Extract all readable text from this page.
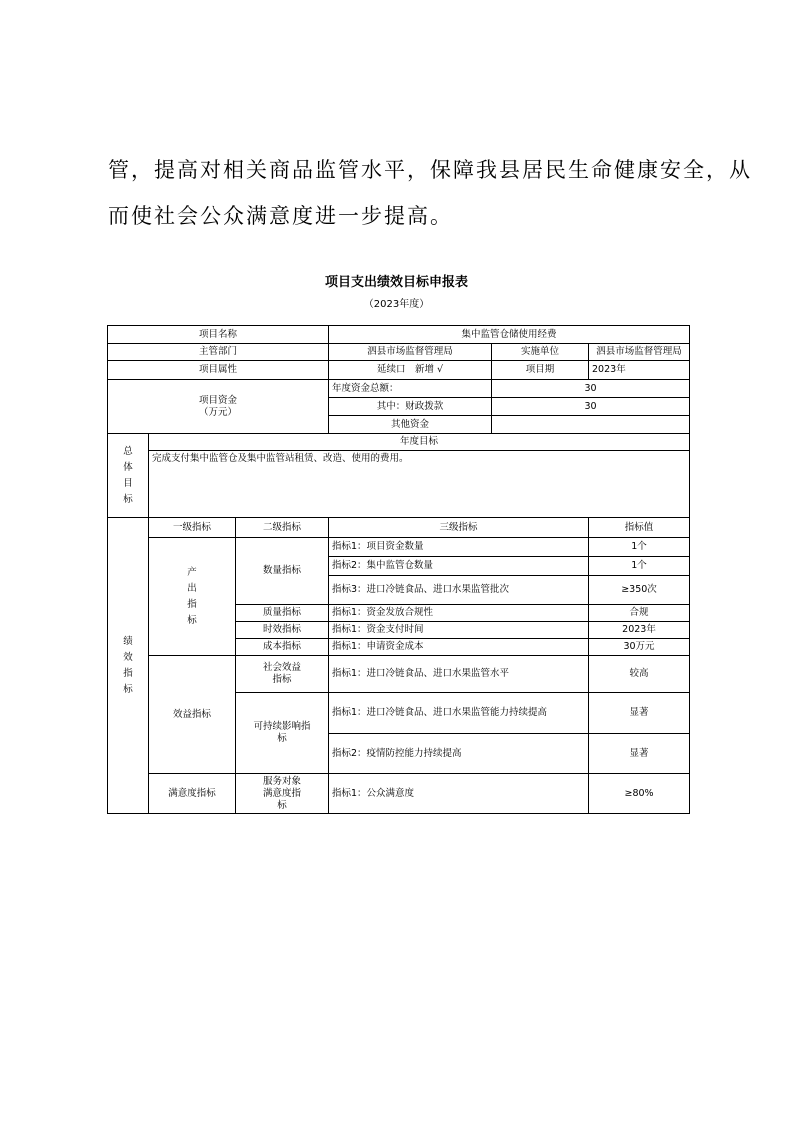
管，提高对相关商品监管水平，保障我县居民生命健康安全，从
而使社会公众满意度进一步提高。
项目支出绩效目标申报表
（2023年度）
项目名称			集中监管仓储使用经费		
主管部门			泗县市场监督管理局	实施单位	泗县市场监督管理局
项目属性			延续口　新增 √	项目期	2023年

项目资金
（万元）			年度资金总额：	30	
			其中：财政拨款	30	
			其他资金		
总体目标	年度目标				
	完成支付集中监管仓及集中监管站租赁、改造、使用的费用。				
绩效指标	一级指标	二级指标	三级指标		指标值
	产出指标	数量指标	指标1：项目资金数量		1个
			指标2：集中监管仓数量		1个
			指标3：进口冷链食品、进口水果监管批次		≥350次
		质量指标	指标1：资金发放合规性		合规
		时效指标	指标1：资金支付时间		2023年
		成本指标	指标1：申请资金成本		30万元
	效益指标	社会效益指标	指标1：进口冷链食品、进口水果监管水平		较高
		可持续影响指标	指标1：进口冷链食品、进口水果监管能力持续提高		显著
			指标2：疫情防控能力持续提高		显著
	满意度指标	服务对象满意度指标	指标1：公众满意度		≥80%
